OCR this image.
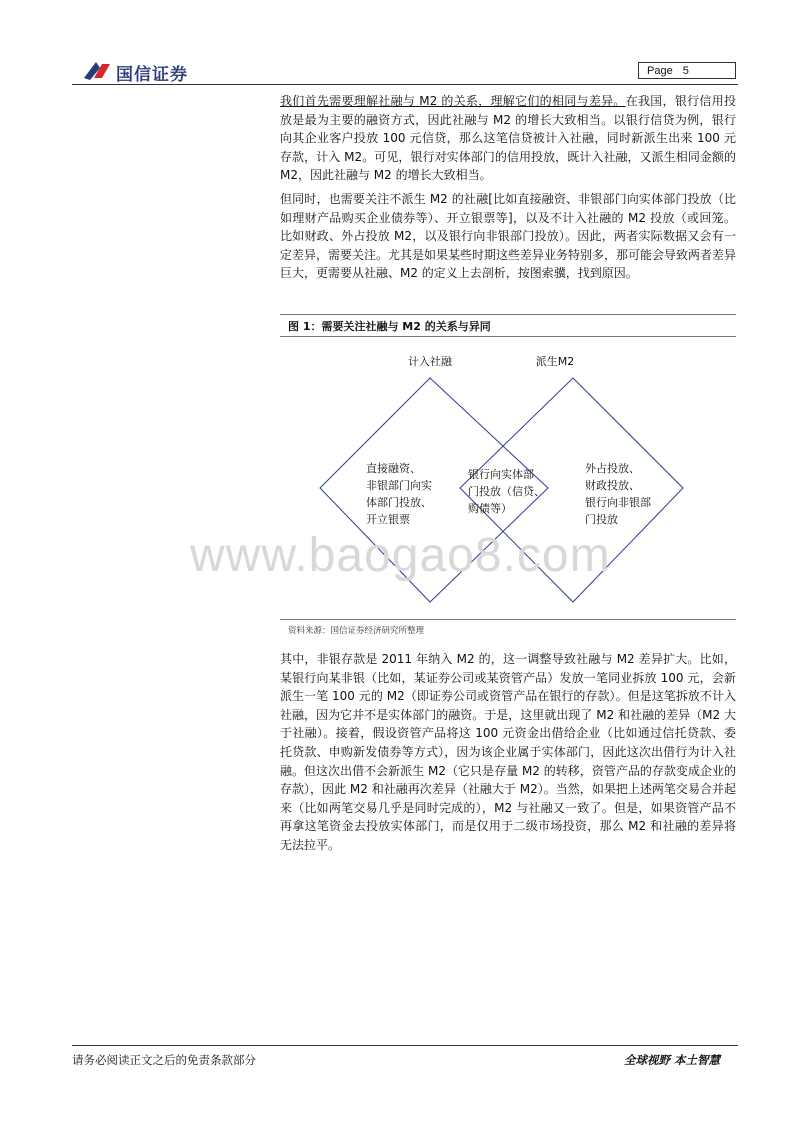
国信证券	Page 5

我们首先需要理解社融与 M2 的关系，理解它们的相同与差异。在我国，银行信用投放是最为主要的融资方式，因此社融与 M2 的增长大致相当。以银行信贷为例，银行向其企业客户投放 100 元信贷，那么这笔信贷被计入社融，同时新派生出来 100 元存款，计入 M2。可见，银行对实体部门的信用投放，既计入社融，又派生相同金额的 M2，因此社融与 M2 的增长大致相当。

但同时，也需要关注不派生 M2 的社融[比如直接融资、非银部门向实体部门投放（比如理财产品购买企业债券等）、开立银票等]，以及不计入社融的 M2 投放（或回笼。比如财政、外占投放 M2，以及银行向非银部门投放）。因此，两者实际数据又会有一定差异，需要关注。尤其是如果某些时期这些差异业务特别多，那可能会导致两者差异巨大，更需要从社融、M2 的定义上去剖析，按图索骥，找到原因。

图 1：需要关注社融与 M2 的关系与异同
计入社融	派生M2
直接融资、
非银部门向实
体部门投放、
开立银票
银行向实体部
门投放（信贷、
购债等）
外占投放、
财政投放、
银行向非银部
门投放
www.baogao8.com
资料来源：国信证券经济研究所整理

其中，非银存款是 2011 年纳入 M2 的，这一调整导致社融与 M2 差异扩大。比如，某银行向某非银（比如，某证券公司或某资管产品）发放一笔同业拆放 100 元，会新派生一笔 100 元的 M2（即证券公司或资管产品在银行的存款）。但是这笔拆放不计入社融，因为它并不是实体部门的融资。于是，这里就出现了 M2 和社融的差异（M2 大于社融）。接着，假设资管产品将这 100 元资金出借给企业（比如通过信托贷款、委托贷款、申购新发债券等方式），因为该企业属于实体部门，因此这次出借行为计入社融。但这次出借不会新派生 M2（它只是存量 M2 的转移，资管产品的存款变成企业的存款），因此 M2 和社融再次差异（社融大于 M2）。当然，如果把上述两笔交易合并起来（比如两笔交易几乎是同时完成的），M2 与社融又一致了。但是，如果资管产品不再拿这笔资金去投放实体部门，而是仅用于二级市场投资，那么 M2 和社融的差异将无法拉平。

请务必阅读正文之后的免责条款部分	全球视野 本土智慧
